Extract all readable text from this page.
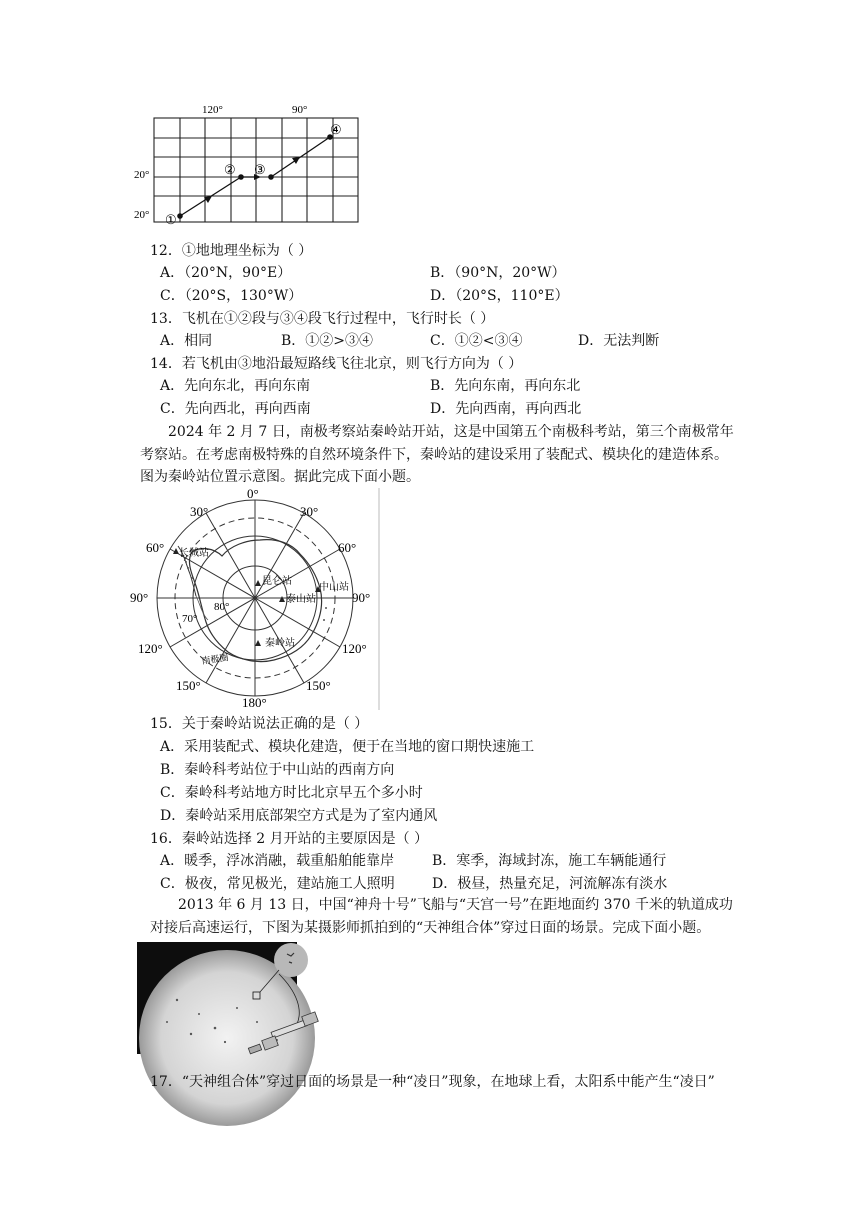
120°	90°
20°
20° ①
② ③
④
12．①地地理坐标为（ ）
A．（20°N，90°E）	B．（90°N，20°W）
C．（20°S，130°W）	D．（20°S，110°E）
13．飞机在①②段与③④段飞行过程中，飞行时长（ ）
A．相同	B．①②>③④	C．①②<③④	D．无法判断
14．若飞机由③地沿最短路线飞往北京，则飞行方向为（ ）
A．先向东北，再向东南	B．先向东南，再向东北
C．先向西北，再向西南	D．先向西南，再向西北
2024 年 2 月 7 日，南极考察站秦岭站开站，这是中国第五个南极科考站，第三个南极常年考察站。在考虑南极特殊的自然环境条件下，秦岭站的建设采用了装配式、模块化的建造体系。图为秦岭站位置示意图。据此完成下面小题。
0°
30°	30°
60°	60°
90°	90°
120°	120°
150°	150°
180°
70°
80°
长城站
昆仑站
中山站
泰山站
秦岭站
南极圈
15．关于秦岭站说法正确的是（ ）
A．采用装配式、模块化建造，便于在当地的窗口期快速施工
B．秦岭科考站位于中山站的西南方向
C．秦岭科考站地方时比北京早五个多小时
D．秦岭站采用底部架空方式是为了室内通风
16．秦岭站选择 2 月开站的主要原因是（ ）
A．暖季，浮冰消融，载重船舶能靠岸	B．寒季，海域封冻，施工车辆能通行
C．极夜，常见极光，建站施工人照明	D．极昼，热量充足，河流解冻有淡水
2013 年 6 月 13 日，中国“神舟十号”飞船与“天宫一号”在距地面约 370 千米的轨道成功对接后高速运行，下图为某摄影师抓拍到的“天神组合体”穿过日面的场景。完成下面小题。
17．“天神组合体”穿过日面的场景是一种“凌日”现象，在地球上看，太阳系中能产生“凌日”
